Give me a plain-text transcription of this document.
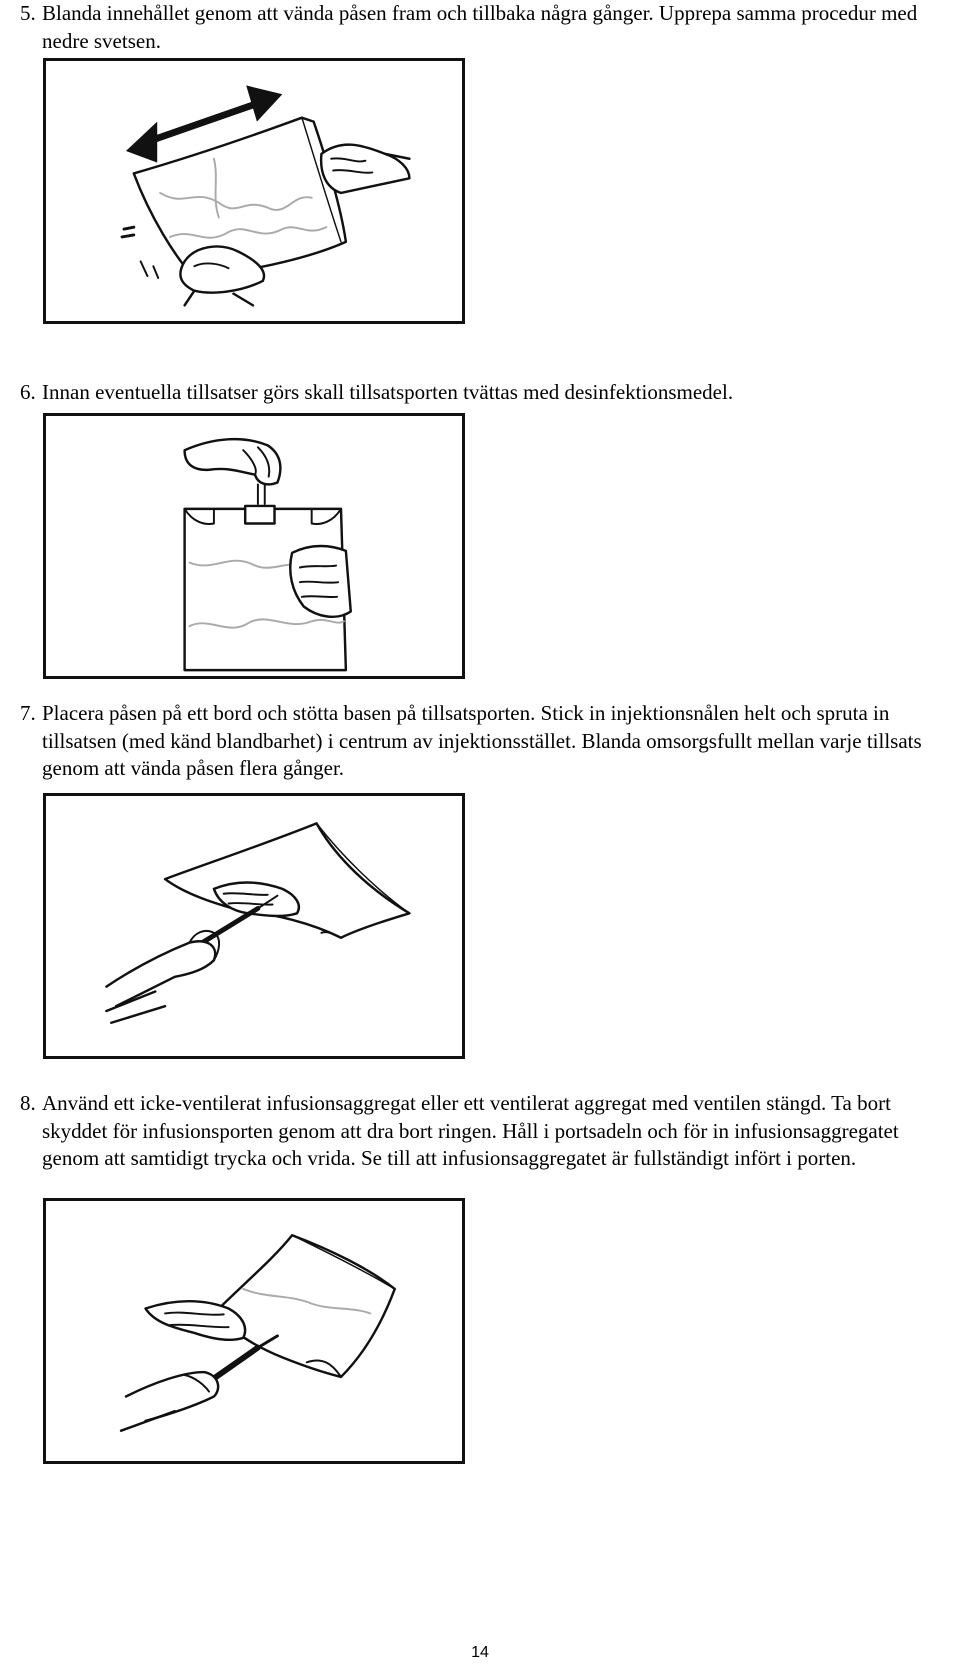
5. Blanda innehållet genom att vända påsen fram och tillbaka några gånger. Upprepa samma procedur med nedre svetsen.
6. Innan eventuella tillsatser görs skall tillsatsporten tvättas med desinfektionsmedel.
7. Placera påsen på ett bord och stötta basen på tillsatsporten. Stick in injektionsnålen helt och spruta in tillsatsen (med känd blandbarhet) i centrum av injektionsstället. Blanda omsorgsfullt mellan varje tillsats genom att vända påsen flera gånger.
8. Använd ett icke-ventilerat infusionsaggregat eller ett ventilerat aggregat med ventilen stängd. Ta bort skyddet för infusionsporten genom att dra bort ringen. Håll i portsadeln och för in infusionsaggregatet genom att samtidigt trycka och vrida. Se till att infusionsaggregatet är fullständigt infört i porten.
14
